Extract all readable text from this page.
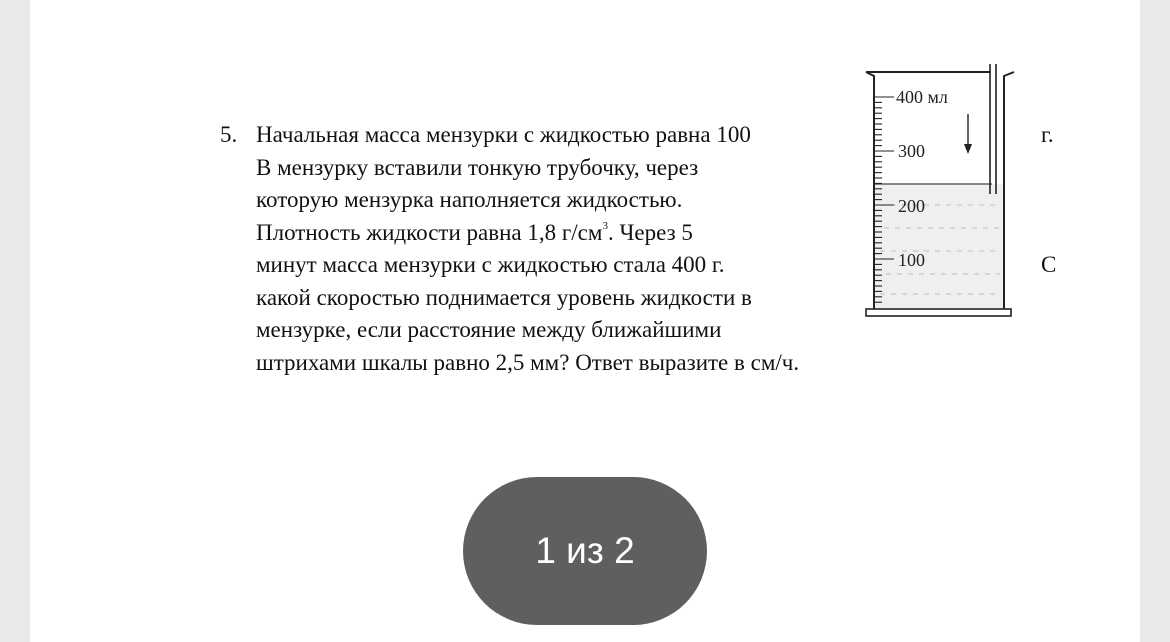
5. Начальная масса мензурки с жидкостью равна 100
В мензурку вставили тонкую трубочку, через
которую мензурка наполняется жидкостью.
Плотность жидкости равна 1,8 $г/см^3$. Через 5
минут масса мензурки с жидкостью стала 400 г.
какой скоростью поднимается уровень жидкости в
мензурке, если расстояние между ближайшими
штрихами шкалы равно 2,5 мм? Ответ выразите в см/ч.
г.
С
400 мл
300
200
100
1 из 2
